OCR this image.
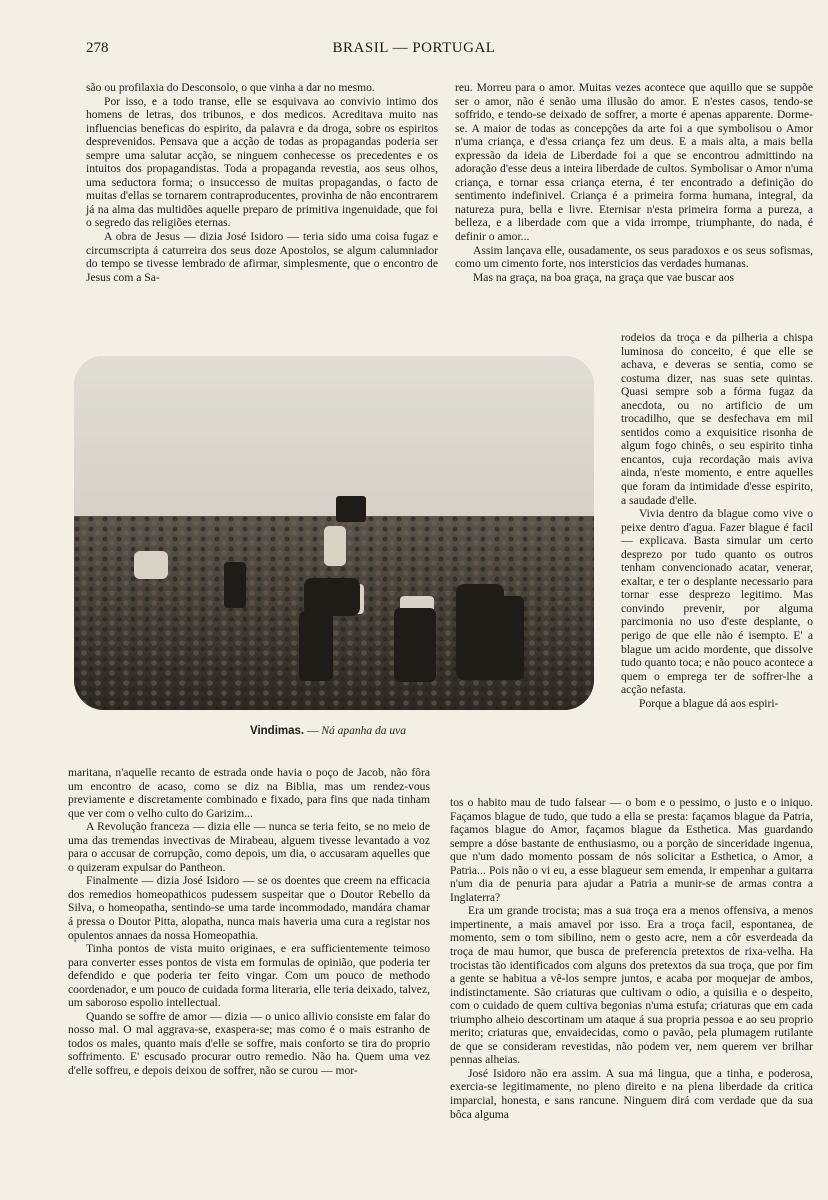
278	BRASIL — PORTUGAL

são ou profilaxia do Desconsolo, o que vinha a dar no mesmo.

Por isso, e a todo transe, elle se esquivava ao convivio intimo dos homens de letras, dos tribunos, e dos medicos. Acreditava muito nas influencias beneficas do espirito, da palavra e da droga, sobre os espiritos desprevenidos. Pensava que a acção de todas as propagandas poderia ser sempre uma salutar acção, se ninguem conhecesse os precedentes e os intuitos dos propagandistas. Toda a propaganda revestia, aos seus olhos, uma seductora forma; o insuccesso de muitas propagandas, o facto de muitas d'ellas se tornarem contraproducentes, provinha de não encontrarem já na alma das multidões aquelle preparo de primitiva ingenuidade, que foi o segredo das religiões eternas.

A obra de Jesus — dizia José Isidoro — teria sido uma coisa fugaz e circumscripta á caturreira dos seus doze Apostolos, se algum calumniador do tempo se tivesse lembrado de afirmar, simplesmente, que o encontro de Jesus com a Sa-

reu. Morreu para o amor. Muitas vezes acontece que aquillo que se suppõe ser o amor, não é senão uma illusão do amor. E n'estes casos, tendo-se soffrido, e tendo-se deixado de soffrer, a morte é apenas apparente. Dorme-se. A maior de todas as concepções da arte foi a que symbolisou o Amor n'uma criança, e d'essa criança fez um deus. E a mais alta, a mais bella expressão da ideia de Liberdade foi a que se encontrou admittindo na adoração d'esse deus a inteira liberdade de cultos. Symbolisar o Amor n'uma criança, e tornar essa criança eterna, é ter encontrado a definição do sentimento indefinivel. Criança é a primeira forma humana, integral, da natureza pura, bella e livre. Eternisar n'esta primeira forma a pureza, a belleza, e a liberdade com que a vida irrompe, triumphante, do nada, é definir o amor...

Assim lançava elle, ousadamente, os seus paradoxos e os seus sofismas, como um cimento forte, nos intersticios das verdades humanas.

Mas na graça, na boa graça, na graça que vae buscar aos

Vindimas. — Ná apanha da uva

rodeios da troça e da pilheria a chispa luminosa do conceito, é que elle se achava, e deveras se sentia, como se costuma dizer, nas suas sete quintas. Quasi sempre sob a fórma fugaz da anecdota, ou no artificio de um trocadilho, que se desfechava em mil sentidos como a exquisitice risonha de algum fogo chinês, o seu espirito tinha encantos, cuja recordação mais aviva ainda, n'este momento, e entre aquelles que foram da intimidade d'esse espirito, a saudade d'elle.

Vivia dentro da blague como vive o peixe dentro d'agua. Fazer blague é facil — explicava. Basta simular um certo desprezo por tudo quanto os outros tenham convencionado acatar, venerar, exaltar, e ter o desplante necessario para tornar esse desprezo legitimo. Mas convindo prevenir, por alguma parcimonia no uso d'este desplante, o perigo de que elle não é isempto. E' a blague um acido mordente, que dissolve tudo quanto toca; e não pouco acontece a quem o emprega ter de soffrer-lhe a acção nefasta.

Porque a blague dá aos espiri-

tos o habito mau de tudo falsear — o bom e o pessimo, o justo e o iniquo. Façamos blague de tudo, que tudo a ella se presta: façamos blague da Patria, façamos blague do Amor, façamos blague da Esthetica. Mas guardando sempre a dóse bastante de enthusiasmo, ou a porção de sinceridade ingenua, que n'um dado momento possam de nós solicitar a Esthetica, o Amor, a Patria... Pois não o vi eu, a esse blagueur sem emenda, ir empenhar a guitarra n'um dia de penuria para ajudar a Patria a munir-se de armas contra a Inglaterra?

Era um grande trocista; mas a sua troça era a menos offensiva, a menos impertinente, a mais amavel por isso. Era a troça facil, espontanea, de momento, sem o tom sibilino, nem o gesto acre, nem a côr esverdeada da troça de mau humor, que busca de preferencia pretextos de rixa-velha. Ha trocistas tão identificados com alguns dos pretextos da sua troça, que por fim a gente se habitua a vê-los sempre juntos, e acaba por moquejar de ambos, indistinctamente. São criaturas que cultivam o odio, a quisilia e o despeito, com o cuidado de quem cultiva begonias n'uma estufa; criaturas que em cada triumpho alheio descortinam um ataque á sua propria pessoa e ao seu proprio merito; criaturas que, envaidecidas, como o pavão, pela plumagem rutilante de que se consideram revestidas, não podem ver, nem querem ver brilhar pennas alheias.

José Isidoro não era assim. A sua má lingua, que a tinha, e poderosa, exercia-se legitimamente, no pleno direito e na plena liberdade da critica imparcial, honesta, e sans rancune. Ninguem dirá com verdade que da sua bôca alguma

maritana, n'aquelle recanto de estrada onde havia o poço de Jacob, não fôra um encontro de acaso, como se diz na Biblia, mas um rendez-vous previamente e discretamente combinado e fixado, para fins que nada tinham que ver com o velho culto do Garizim...

A Revolução franceza — dizia elle — nunca se teria feito, se no meio de uma das tremendas invectivas de Mirabeau, alguem tivesse levantado a voz para o accusar de corrupção, como depois, um dia, o accusaram aquelles que o quizeram expulsar do Pantheon.

Finalmente — dizia José Isidoro — se os doentes que creem na efficacia dos remedios homeopathicos pudessem suspeitar que o Doutor Rebello da Silva, o homeopatha, sentindo-se uma tarde incommodado, mandára chamar á pressa o Doutor Pitta, alopatha, nunca mais haveria uma cura a registar nos opulentos annaes da nossa Homeopathia.

Tinha pontos de vista muito originaes, e era sufficientemente teimoso para converter esses pontos de vista em formulas de opinião, que poderia ter defendido e que poderia ter feito vingar. Com um pouco de methodo coordenador, e um pouco de cuidada forma literaria, elle teria deixado, talvez, um saboroso espolio intellectual.

Quando se soffre de amor — dizia — o unico allivio consiste em falar do nosso mal. O mal aggrava-se, exaspera-se; mas como é o mais estranho de todos os males, quanto mais d'elle se soffre, mais conforto se tira do proprio soffrimento. E' escusado procurar outro remedio. Não ha. Quem uma vez d'elle soffreu, e depois deixou de soffrer, não se curou — mor-
